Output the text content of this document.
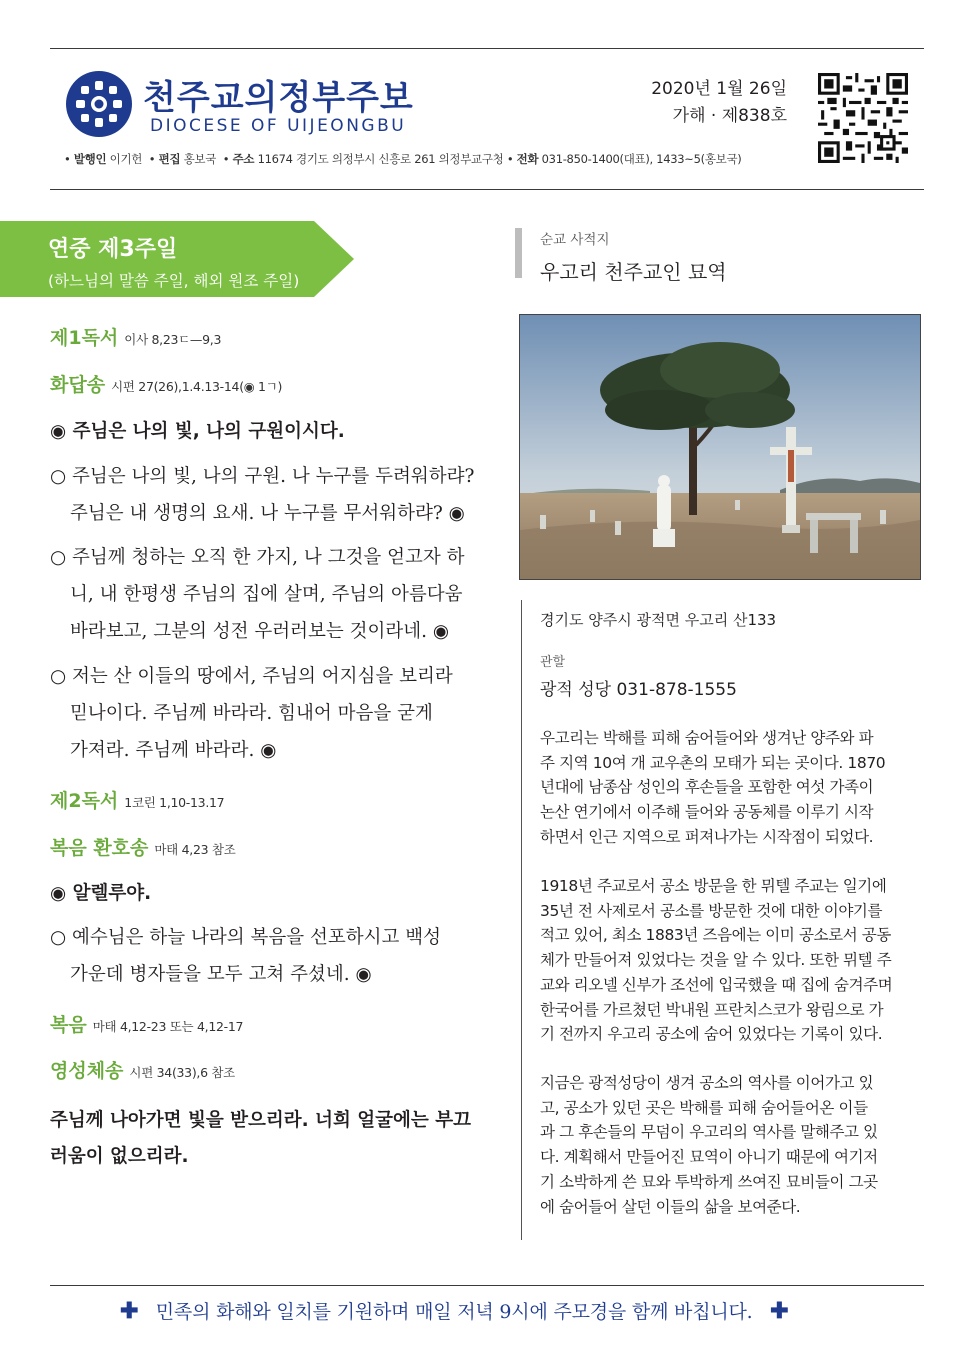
천주교의정부주보
DIOCESE OF UIJEONGBU
2020년 1월 26일
가해 · 제838호
• 발행인 이기헌  • 편집 홍보국  • 주소 11674 경기도 의정부시 신흥로 261 의정부교구청 • 전화 031-850-1400(대표), 1433~5(홍보국)
연중 제3주일
(하느님의 말씀 주일, 해외 원조 주일)
제1독서 이사 8,23ㄷ—9,3
화답송 시편 27(26),1.4.13-14(◉ 1ㄱ)
◉ 주님은 나의 빛, 나의 구원이시다.
○ 주님은 나의 빛, 나의 구원. 나 누구를 두려워하랴?
주님은 내 생명의 요새. 나 누구를 무서워하랴? ◉
○ 주님께 청하는 오직 한 가지, 나 그것을 얻고자 하
니, 내 한평생 주님의 집에 살며, 주님의 아름다움
바라보고, 그분의 성전 우러러보는 것이라네. ◉
○ 저는 산 이들의 땅에서, 주님의 어지심을 보리라
믿나이다. 주님께 바라라. 힘내어 마음을 굳게
가져라. 주님께 바라라. ◉
제2독서 1코린 1,10-13.17
복음 환호송 마태 4,23 참조
◉ 알렐루야.
○ 예수님은 하늘 나라의 복음을 선포하시고 백성
가운데 병자들을 모두 고쳐 주셨네. ◉
복음 마태 4,12-23 또는 4,12-17
영성체송 시편 34(33),6 참조
주님께 나아가면 빛을 받으리라. 너희 얼굴에는 부끄
러움이 없으리라.
순교 사적지
우고리 천주교인 묘역
경기도 양주시 광적면 우고리 산133
관할
광적 성당 031-878-1555
우고리는 박해를 피해 숨어들어와 생겨난 양주와 파
주 지역 10여 개 교우촌의 모태가 되는 곳이다. 1870
년대에 남종삼 성인의 후손들을 포함한 여섯 가족이
논산 연기에서 이주해 들어와 공동체를 이루기 시작
하면서 인근 지역으로 퍼져나가는 시작점이 되었다.
1918년 주교로서 공소 방문을 한 뮈텔 주교는 일기에
35년 전 사제로서 공소를 방문한 것에 대한 이야기를
적고 있어, 최소 1883년 즈음에는 이미 공소로서 공동
체가 만들어져 있었다는 것을 알 수 있다. 또한 뮈텔 주
교와 리오넬 신부가 조선에 입국했을 때 집에 숨겨주며
한국어를 가르쳤던 박내원 프란치스코가 왕림으로 가
기 전까지 우고리 공소에 숨어 있었다는 기록이 있다.
지금은 광적성당이 생겨 공소의 역사를 이어가고 있
고, 공소가 있던 곳은 박해를 피해 숨어들어온 이들
과 그 후손들의 무덤이 우고리의 역사를 말해주고 있
다. 계획해서 만들어진 묘역이 아니기 때문에 여기저
기 소박하게 쓴 묘와 투박하게 쓰여진 묘비들이 그곳
에 숨어들어 살던 이들의 삶을 보여준다.
✚ 민족의 화해와 일치를 기원하며 매일 저녁 9시에 주모경을 함께 바칩니다. ✚
